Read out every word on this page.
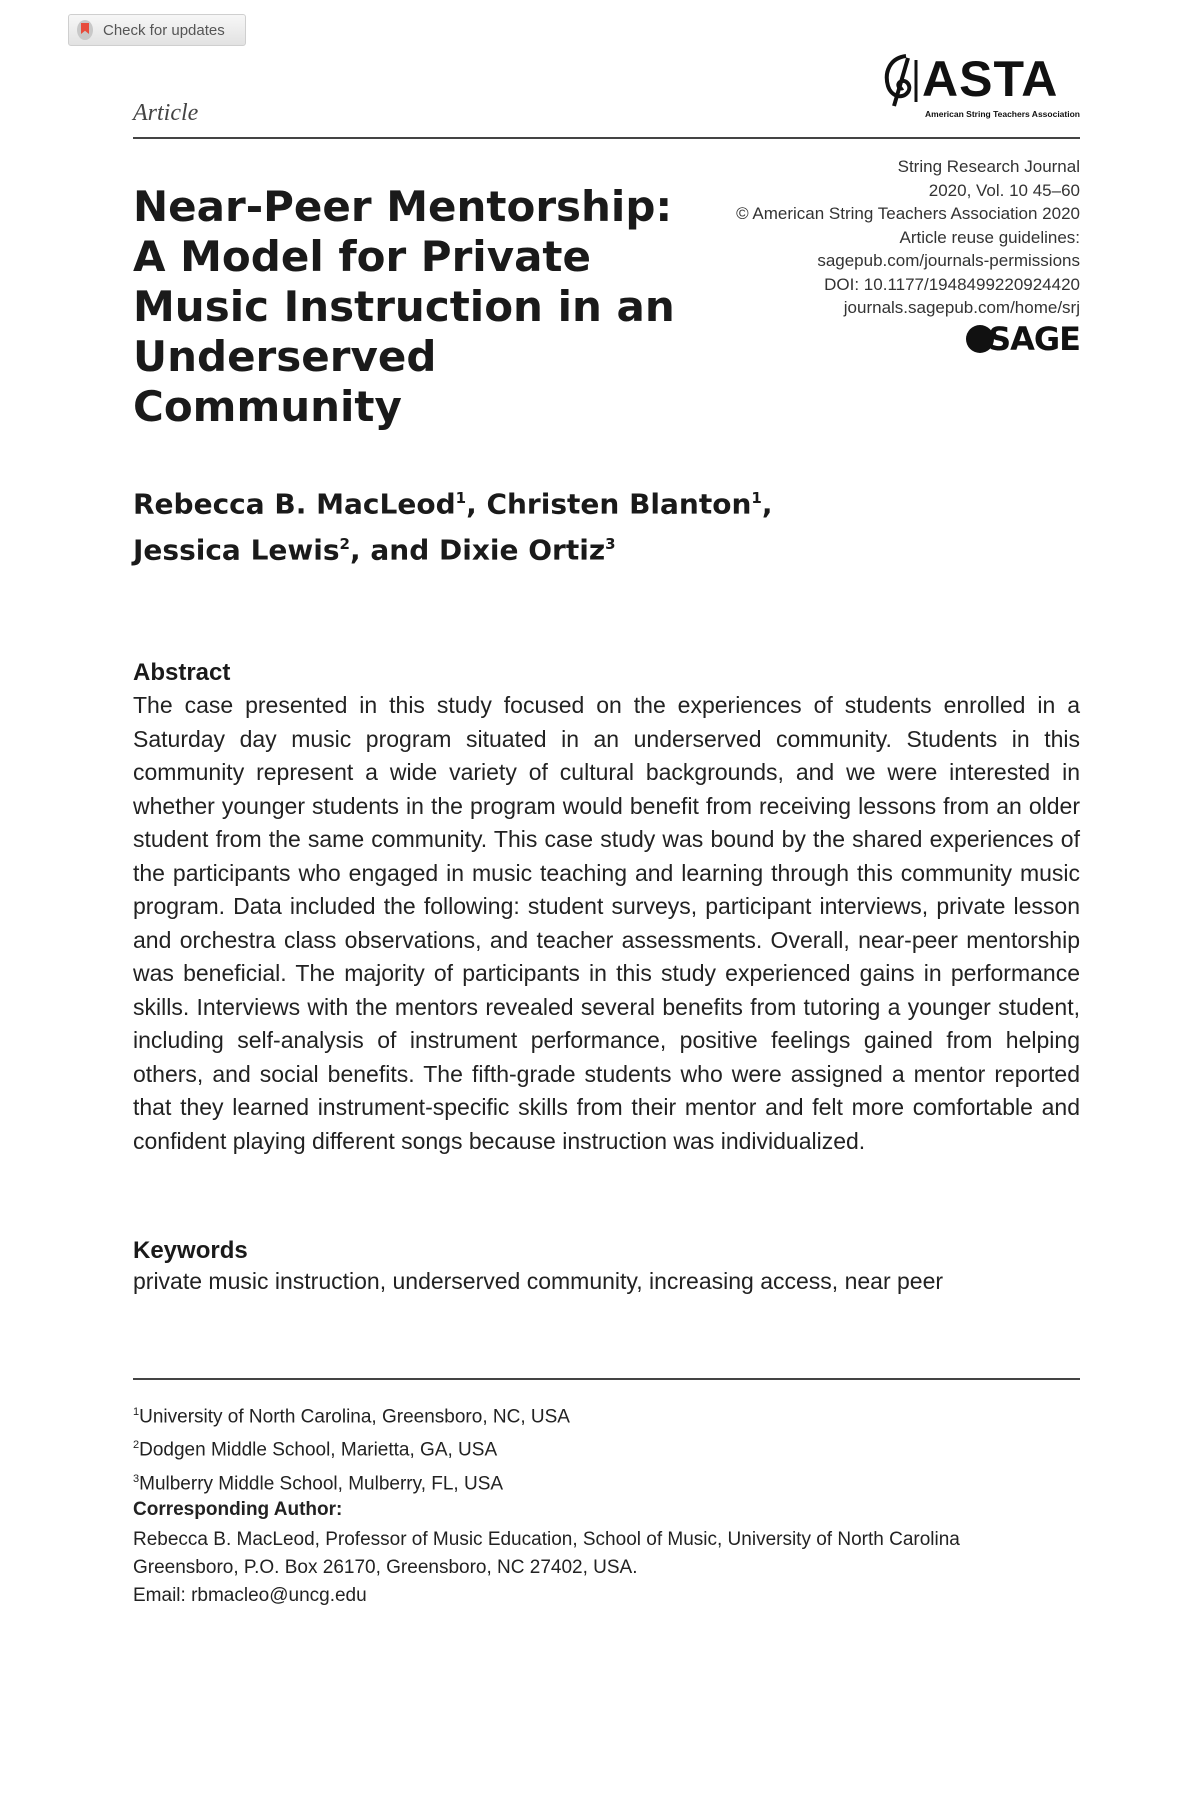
Check for updates
Article
ASTA
American String Teachers Association
Near-Peer Mentorship: A Model for Private Music Instruction in an Underserved Community
String Research Journal
2020, Vol. 10 45–60
© American String Teachers Association 2020
Article reuse guidelines:
sagepub.com/journals-permissions
DOI: 10.1177/1948499220924420
journals.sagepub.com/home/srj
SAGE
Rebecca B. MacLeod$^1$, Christen Blanton$^1$,
Jessica Lewis$^2$, and Dixie Ortiz$^3$
Abstract

The case presented in this study focused on the experiences of students enrolled in a Saturday day music program situated in an underserved community. Students in this community represent a wide variety of cultural backgrounds, and we were interested in whether younger students in the program would benefit from receiving lessons from an older student from the same community. This case study was bound by the shared experiences of the participants who engaged in music teaching and learning through this community music program. Data included the following: student surveys, participant interviews, private lesson and orchestra class observations, and teacher assessments. Overall, near-peer mentorship was beneficial. The majority of participants in this study experienced gains in performance skills. Interviews with the mentors revealed several benefits from tutoring a younger student, including self-analysis of instrument performance, positive feelings gained from helping others, and social benefits. The fifth-grade students who were assigned a mentor reported that they learned instrument-specific skills from their mentor and felt more comfortable and confident playing different songs because instruction was individualized.

Keywords
private music instruction, underserved community, increasing access, near peer
$^1$University of North Carolina, Greensboro, NC, USA
$^2$Dodgen Middle School, Marietta, GA, USA
$^3$Mulberry Middle School, Mulberry, FL, USA
Corresponding Author:
Rebecca B. MacLeod, Professor of Music Education, School of Music, University of North Carolina
Greensboro, P.O. Box 26170, Greensboro, NC 27402, USA.
Email: rbmacleo@uncg.edu
